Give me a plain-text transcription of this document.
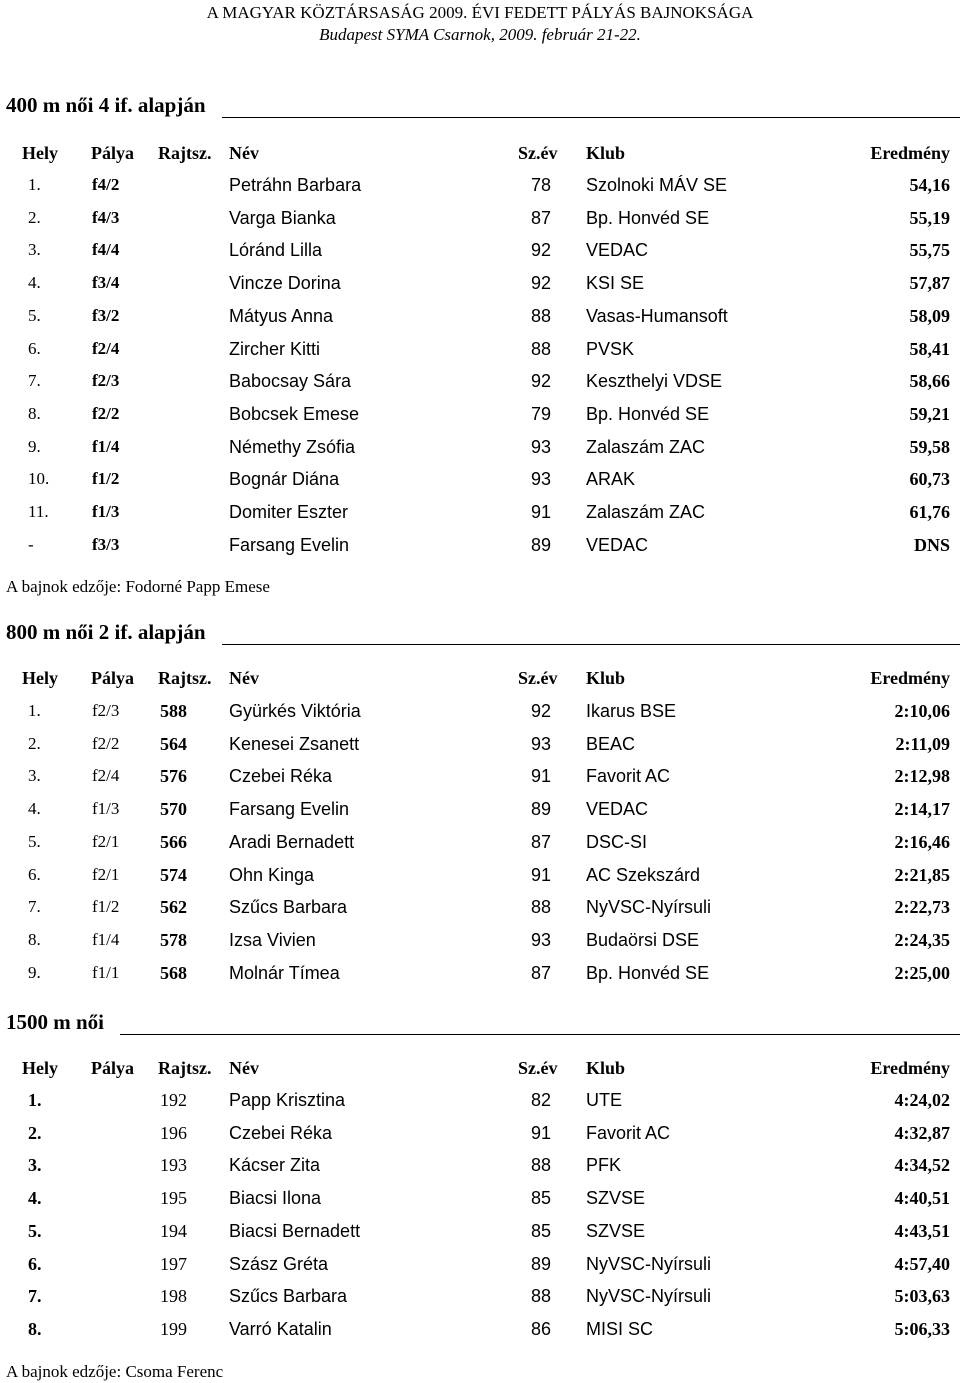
A MAGYAR KÖZTÁRSASÁG 2009. ÉVI FEDETT PÁLYÁS BAJNOKSÁGA
Budapest SYMA Csarnok, 2009. február 21-22.
400 m női 4 if. alapján
Hely Pálya Rajtsz. Név	Sz.év Klub	Eredmény
1.	f4/2	Petráhn Barbara	78 Szolnoki MÁV SE	54,16
2.	f4/3	Varga Bianka	87 Bp. Honvéd SE	55,19
3.	f4/4	Lóránd Lilla	92 VEDAC	55,75
4.	f3/4	Vincze Dorina	92 KSI SE	57,87
5.	f3/2	Mátyus Anna	88 Vasas-Humansoft	58,09
6.	f2/4	Zircher Kitti	88 PVSK	58,41
7.	f2/3	Babocsay Sára	92 Keszthelyi VDSE	58,66
8.	f2/2	Bobcsek Emese	79 Bp. Honvéd SE	59,21
9.	f1/4	Némethy Zsófia	93 Zalaszám ZAC	59,58
10.	f1/2	Bognár Diána	93 ARAK	60,73
11.	f1/3	Domiter Eszter	91 Zalaszám ZAC	61,76
-	f3/3	Farsang Evelin	89 VEDAC	DNS
A bajnok edzője: Fodorné Papp Emese
800 m női 2 if. alapján
Hely Pálya Rajtsz. Név	Sz.év Klub	Eredmény
1.	f2/3 588 Gyürkés Viktória	92 Ikarus BSE	2:10,06
2.	f2/2 564 Kenesei Zsanett	93 BEAC	2:11,09
3.	f2/4 576 Czebei Réka	91 Favorit AC	2:12,98
4.	f1/3 570 Farsang Evelin	89 VEDAC	2:14,17
5.	f2/1 566 Aradi Bernadett	87 DSC-SI	2:16,46
6.	f2/1 574 Ohn Kinga	91 AC Szekszárd	2:21,85
7.	f1/2 562 Szűcs Barbara	88 NyVSC-Nyírsuli	2:22,73
8.	f1/4 578 Izsa Vivien	93 Budaörsi DSE	2:24,35
9.	f1/1 568 Molnár Tímea	87 Bp. Honvéd SE	2:25,00
1500 m női
Hely Pálya Rajtsz. Név	Sz.év Klub	Eredmény
1.	192 Papp Krisztina	82 UTE	4:24,02
2.	196 Czebei Réka	91 Favorit AC	4:32,87
3.	193 Kácser Zita	88 PFK	4:34,52
4.	195 Biacsi Ilona	85 SZVSE	4:40,51
5.	194 Biacsi Bernadett	85 SZVSE	4:43,51
6.	197 Szász Gréta	89 NyVSC-Nyírsuli	4:57,40
7.	198 Szűcs Barbara	88 NyVSC-Nyírsuli	5:03,63
8.	199 Varró Katalin	86 MISI SC	5:06,33
A bajnok edzője: Csoma Ferenc
